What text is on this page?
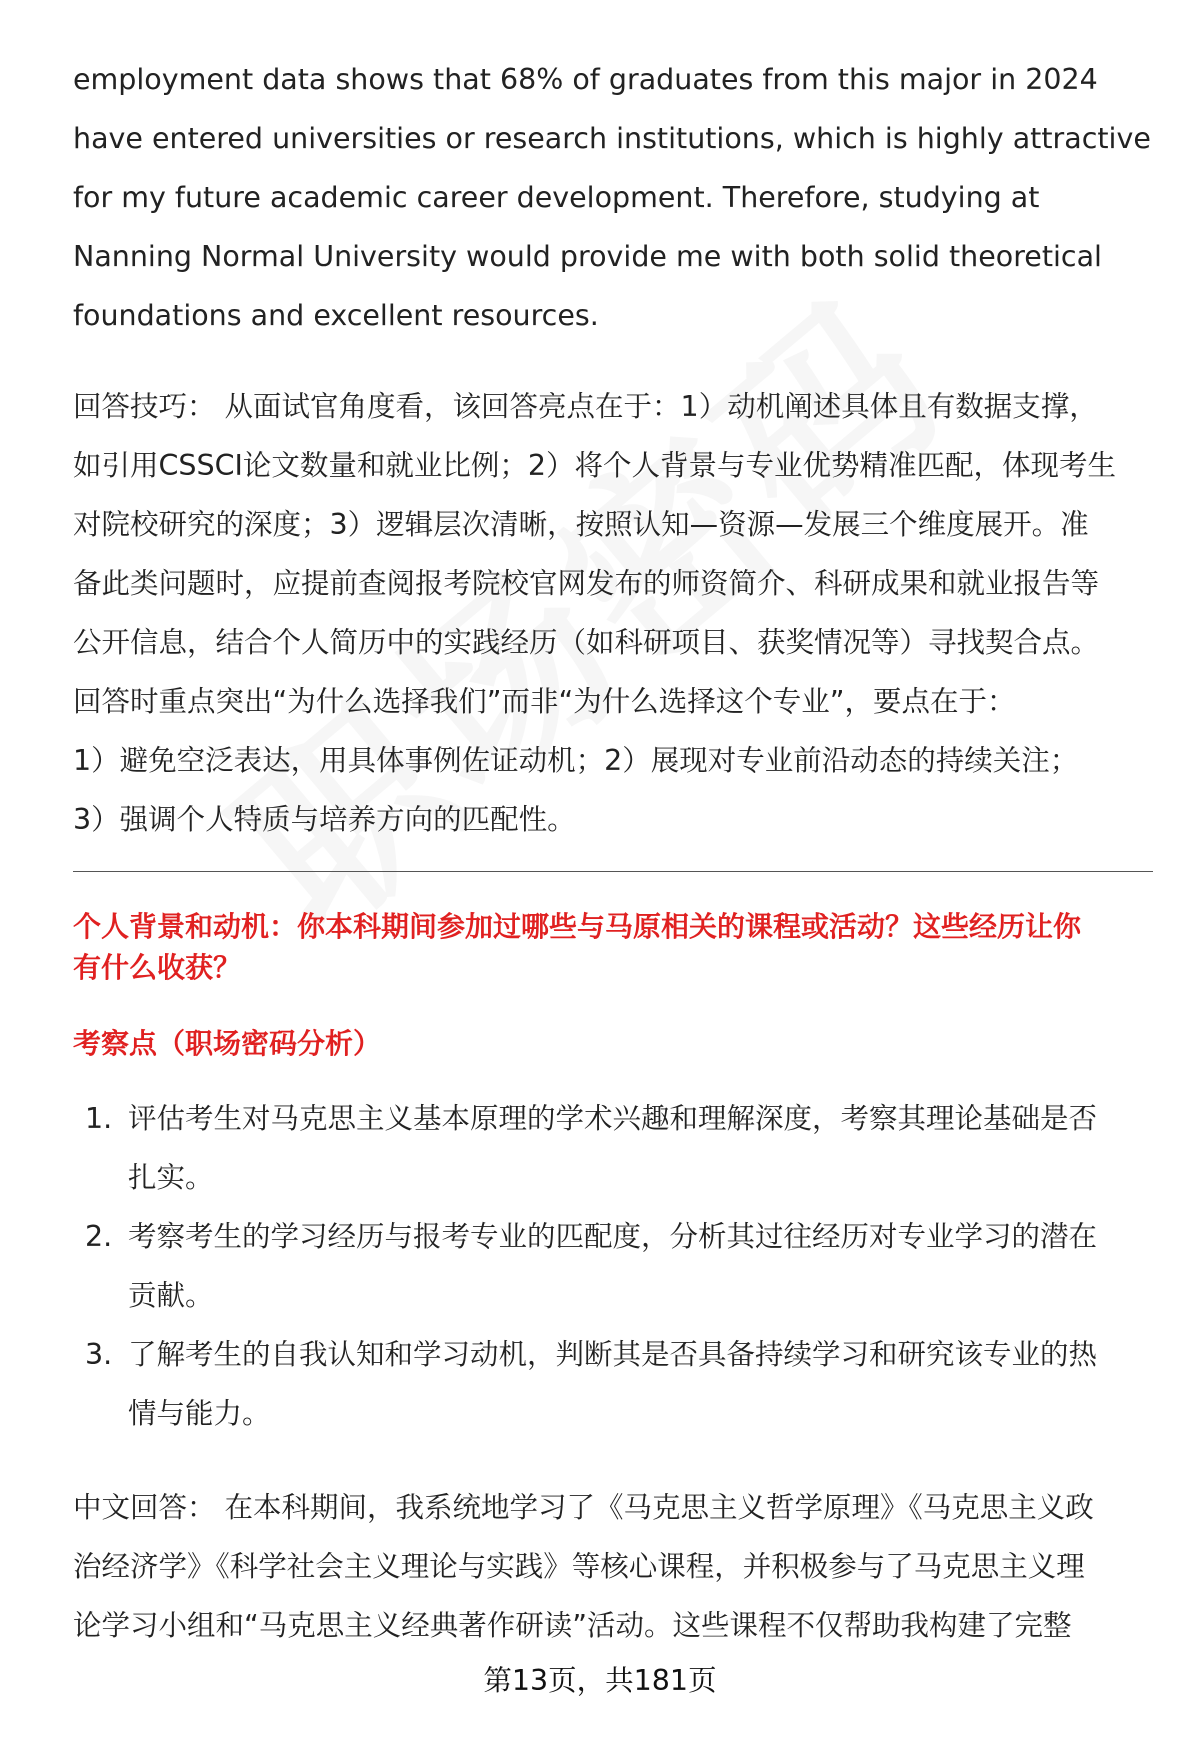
employment data shows that 68% of graduates from this major in 2024

have entered universities or research institutions, which is highly attractive

for my future academic career development. Therefore, studying at

Nanning Normal University would provide me with both solid theoretical

foundations and excellent resources.

回答技巧： 从面试官角度看，该回答亮点在于：1）动机阐述具体且有数据支撑，

如引用CSSCI论文数量和就业比例；2）将个人背景与专业优势精准匹配，体现考生

对院校研究的深度；3）逻辑层次清晰，按照认知—资源—发展三个维度展开。准

备此类问题时，应提前查阅报考院校官网发布的师资简介、科研成果和就业报告等

公开信息，结合个人简历中的实践经历（如科研项目、获奖情况等）寻找契合点。

回答时重点突出“为什么选择我们”而非“为什么选择这个专业”，要点在于：

1）避免空泛表达，用具体事例佐证动机；2）展现对专业前沿动态的持续关注；

3）强调个人特质与培养方向的匹配性。

个人背景和动机：你本科期间参加过哪些与马原相关的课程或活动？这些经历让你
有什么收获？
考察点（职场密码分析）
1. 评估考生对马克思主义基本原理的学术兴趣和理解深度，考察其理论基础是否
扎实。
2. 考察考生的学习经历与报考专业的匹配度，分析其过往经历对专业学习的潜在
贡献。
3. 了解考生的自我认知和学习动机，判断其是否具备持续学习和研究该专业的热
情与能力。

中文回答： 在本科期间，我系统地学习了《马克思主义哲学原理》《马克思主义政

治经济学》《科学社会主义理论与实践》等核心课程，并积极参与了马克思主义理

论学习小组和“马克思主义经典著作研读”活动。这些课程不仅帮助我构建了完整

第13页，共181页
